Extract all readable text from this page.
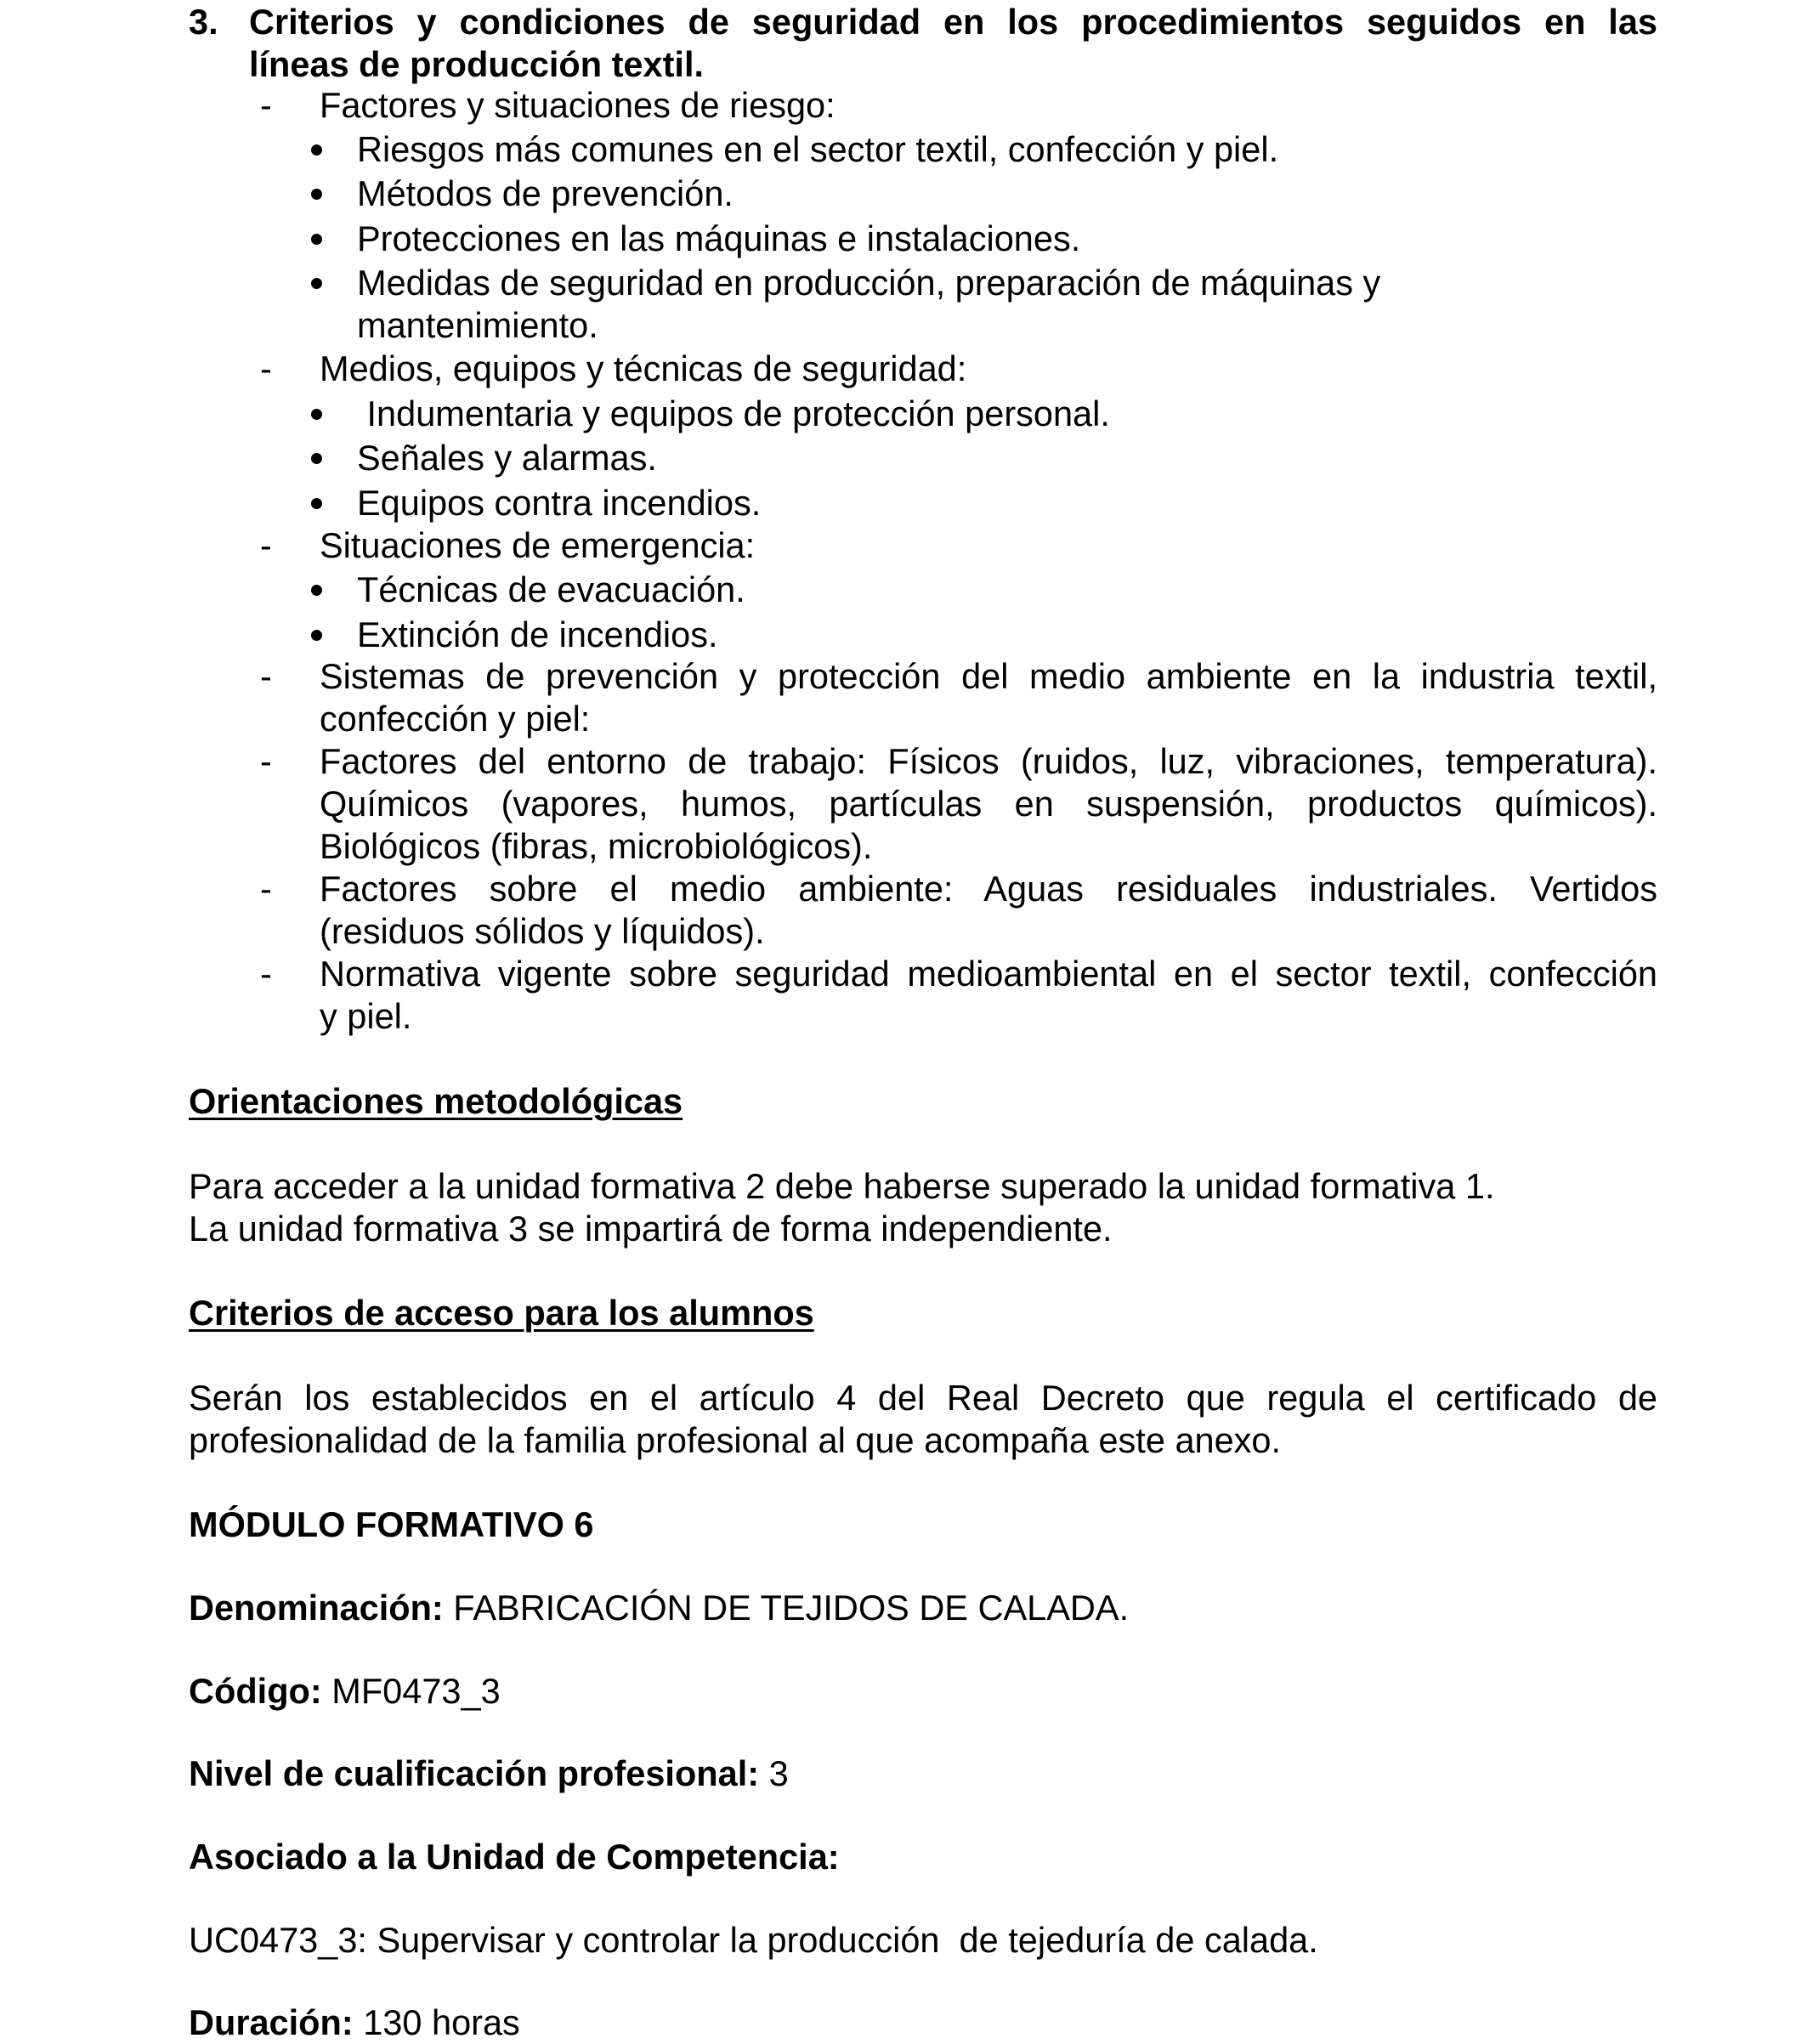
3. Criterios y condiciones de seguridad en los procedimientos seguidos en las
líneas de producción textil.
- Factores y situaciones de riesgo:
Riesgos más comunes en el sector textil, confección y piel.
Métodos de prevención.
Protecciones en las máquinas e instalaciones.
Medidas de seguridad en producción, preparación de máquinas y
mantenimiento.
- Medios, equipos y técnicas de seguridad:
Indumentaria y equipos de protección personal.
Señales y alarmas.
Equipos contra incendios.
- Situaciones de emergencia:
Técnicas de evacuación.
Extinción de incendios.
- Sistemas de prevención y protección del medio ambiente en la industria textil,
confección y piel:
- Factores del entorno de trabajo: Físicos (ruidos, luz, vibraciones, temperatura).
Químicos (vapores, humos, partículas en suspensión, productos químicos).
Biológicos (fibras, microbiológicos).
- Factores sobre el medio ambiente: Aguas residuales industriales. Vertidos
(residuos sólidos y líquidos).
- Normativa vigente sobre seguridad medioambiental en el sector textil, confección
y piel.
Orientaciones metodológicas
Para acceder a la unidad formativa 2 debe haberse superado la unidad formativa 1.
La unidad formativa 3 se impartirá de forma independiente.
Criterios de acceso para los alumnos
Serán los establecidos en el artículo 4 del Real Decreto que regula el certificado de
profesionalidad de la familia profesional al que acompaña este anexo.
MÓDULO FORMATIVO 6
Denominación: FABRICACIÓN DE TEJIDOS DE CALADA.
Código: MF0473_3
Nivel de cualificación profesional: 3
Asociado a la Unidad de Competencia:
UC0473_3: Supervisar y controlar la producción  de tejeduría de calada.
Duración: 130 horas
